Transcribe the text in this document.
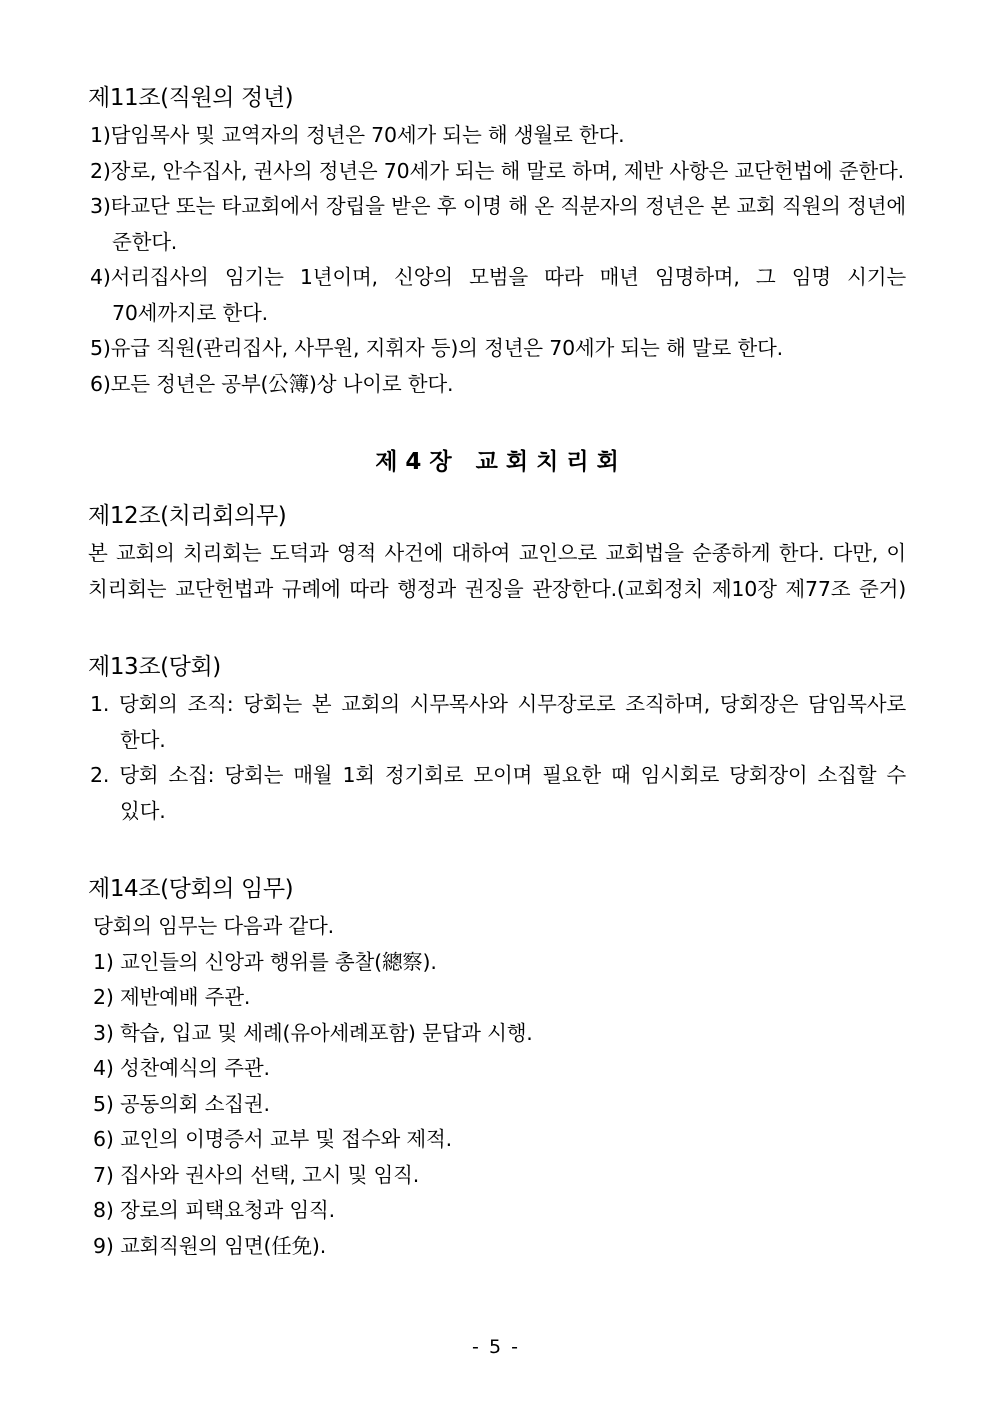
제11조(직원의 정년)

1)담임목사 및 교역자의 정년은 70세가 되는 해 생월로 한다.

2)장로, 안수집사, 권사의 정년은 70세가 되는 해 말로 하며, 제반 사항은 교단헌법에 준한다.

3)타교단 또는 타교회에서 장립을 받은 후 이명 해 온 직분자의 정년은 본 교회 직원의 정년에 준한다.

4)서리집사의 임기는 1년이며, 신앙의 모범을 따라 매년 임명하며, 그 임명 시기는 70세까지로 한다.

5)유급 직원(관리집사, 사무원, 지휘자 등)의 정년은 70세가 되는 해 말로 한다.

6)모든 정년은 공부(公簿)상 나이로 한다.

제 4 장   교 회 치 리 회
제12조(치리회의무)

본 교회의 치리회는 도덕과 영적 사건에 대하여 교인으로 교회법을 순종하게 한다. 다만, 이 치리회는 교단헌법과 규례에 따라 행정과 권징을 관장한다.(교회정치 제10장 제77조 준거)

제13조(당회)

1. 당회의 조직: 당회는 본 교회의 시무목사와 시무장로로 조직하며, 당회장은 담임목사로 한다.

2. 당회 소집: 당회는 매월 1회 정기회로 모이며 필요한 때 임시회로 당회장이 소집할 수 있다.

제14조(당회의 임무)

당회의 임무는 다음과 같다.

1) 교인들의 신앙과 행위를 총찰(總察).

2) 제반예배 주관.

3) 학습, 입교 및 세례(유아세례포함) 문답과 시행.

4) 성찬예식의 주관.

5) 공동의회 소집권.

6) 교인의 이명증서 교부 및 접수와 제적.

7) 집사와 권사의 선택, 고시 및 임직.

8) 장로의 피택요청과 임직.

9) 교회직원의 임면(任免).

- 5 -
